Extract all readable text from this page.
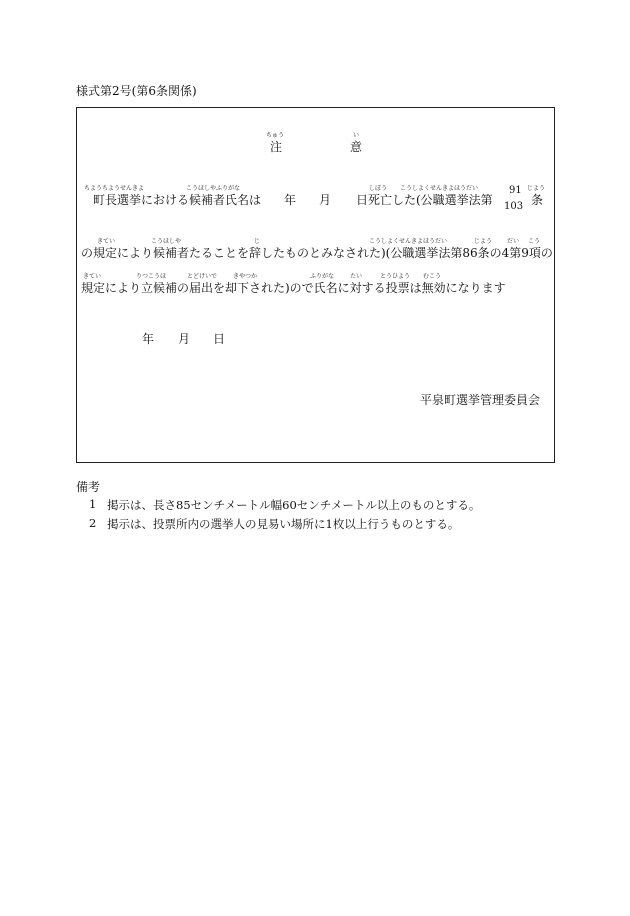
様式第2号(第6条関係)
ちゅう	い
注	意
ちようちようせんきよ	こうほしやふりがな	しぼう こうしよくせんきよほうだい	じよう
町長選挙における候補者氏名は 年 月 日 死亡した(公職選挙法第
91
103 条
きてい	こうほしや	じ	こうしよくせんきよほうだい	じよう だい こう
の規定により候補者たることを辞したものとみなされた)(公職選挙法第86条の4第9項の
きてい	りつこうほ	とどけいで	きやつか	ふりがな	たい	とうひよう むこう
規定により立候補の届出を却下された)ので氏名に対する投票は無効になります
年 月 日
平泉町選挙管理委員会
備考
1 掲示は、長さ85センチメートル幅60センチメートル以上のものとする。
2 掲示は、投票所内の選挙人の見易い場所に1枚以上行うものとする。
